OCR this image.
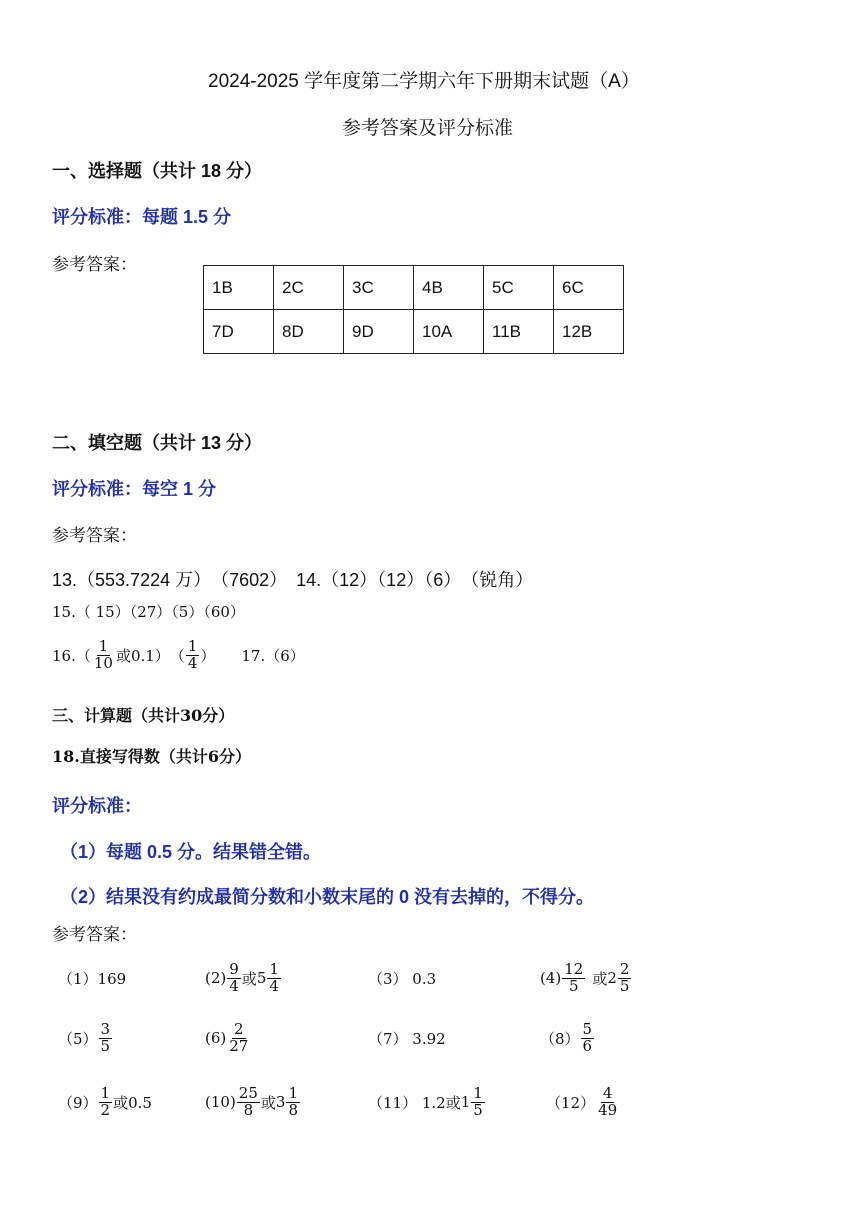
2024-2025 学年度第二学期六年下册期末试题（A）
参考答案及评分标准
一、选择题（共计 18 分）
评分标准：每题 1.5 分
参考答案：
1B	2C	3C	4B	5C	6C
7D	8D	9D	10A	11B	12B
二、填空题（共计 13 分）
评分标准：每空 1 分
参考答案：
13.（553.7224 万）　（7602）　14.（12）（12）（6）　（锐角）
15.（ 15）（27）（5）（60）
$16.( \frac{1}{10}$ 或0.1）　（ $\frac{1}{4}$ ） 17.（6）
三、计算题（共计30分）
18.直接写得数（共计6分）
评分标准：
（1）每题 0.5 分。结果错全错。
（2）结果没有约成最简分数和小数末尾的 0 没有去掉的，不得分。
参考答案：
（1）169	$(2) \frac{9}{4}$ 或 $5 \frac{1}{4}$	（3） 0.3	$(4) \frac{12}{5}$ 或 $2 \frac{2}{5}$
$(5) \frac{3}{5}$	$(6) \frac{2}{27}$	（7） 3.92	$(8) \frac{5}{6}$
$(9) \frac{1}{2}$ 或0.5	$(10) \frac{25}{8}$ 或 $3 \frac{1}{8}$	（11） 1.2或 $1 \frac{1}{5}$	$(12) \frac{4}{49}$
